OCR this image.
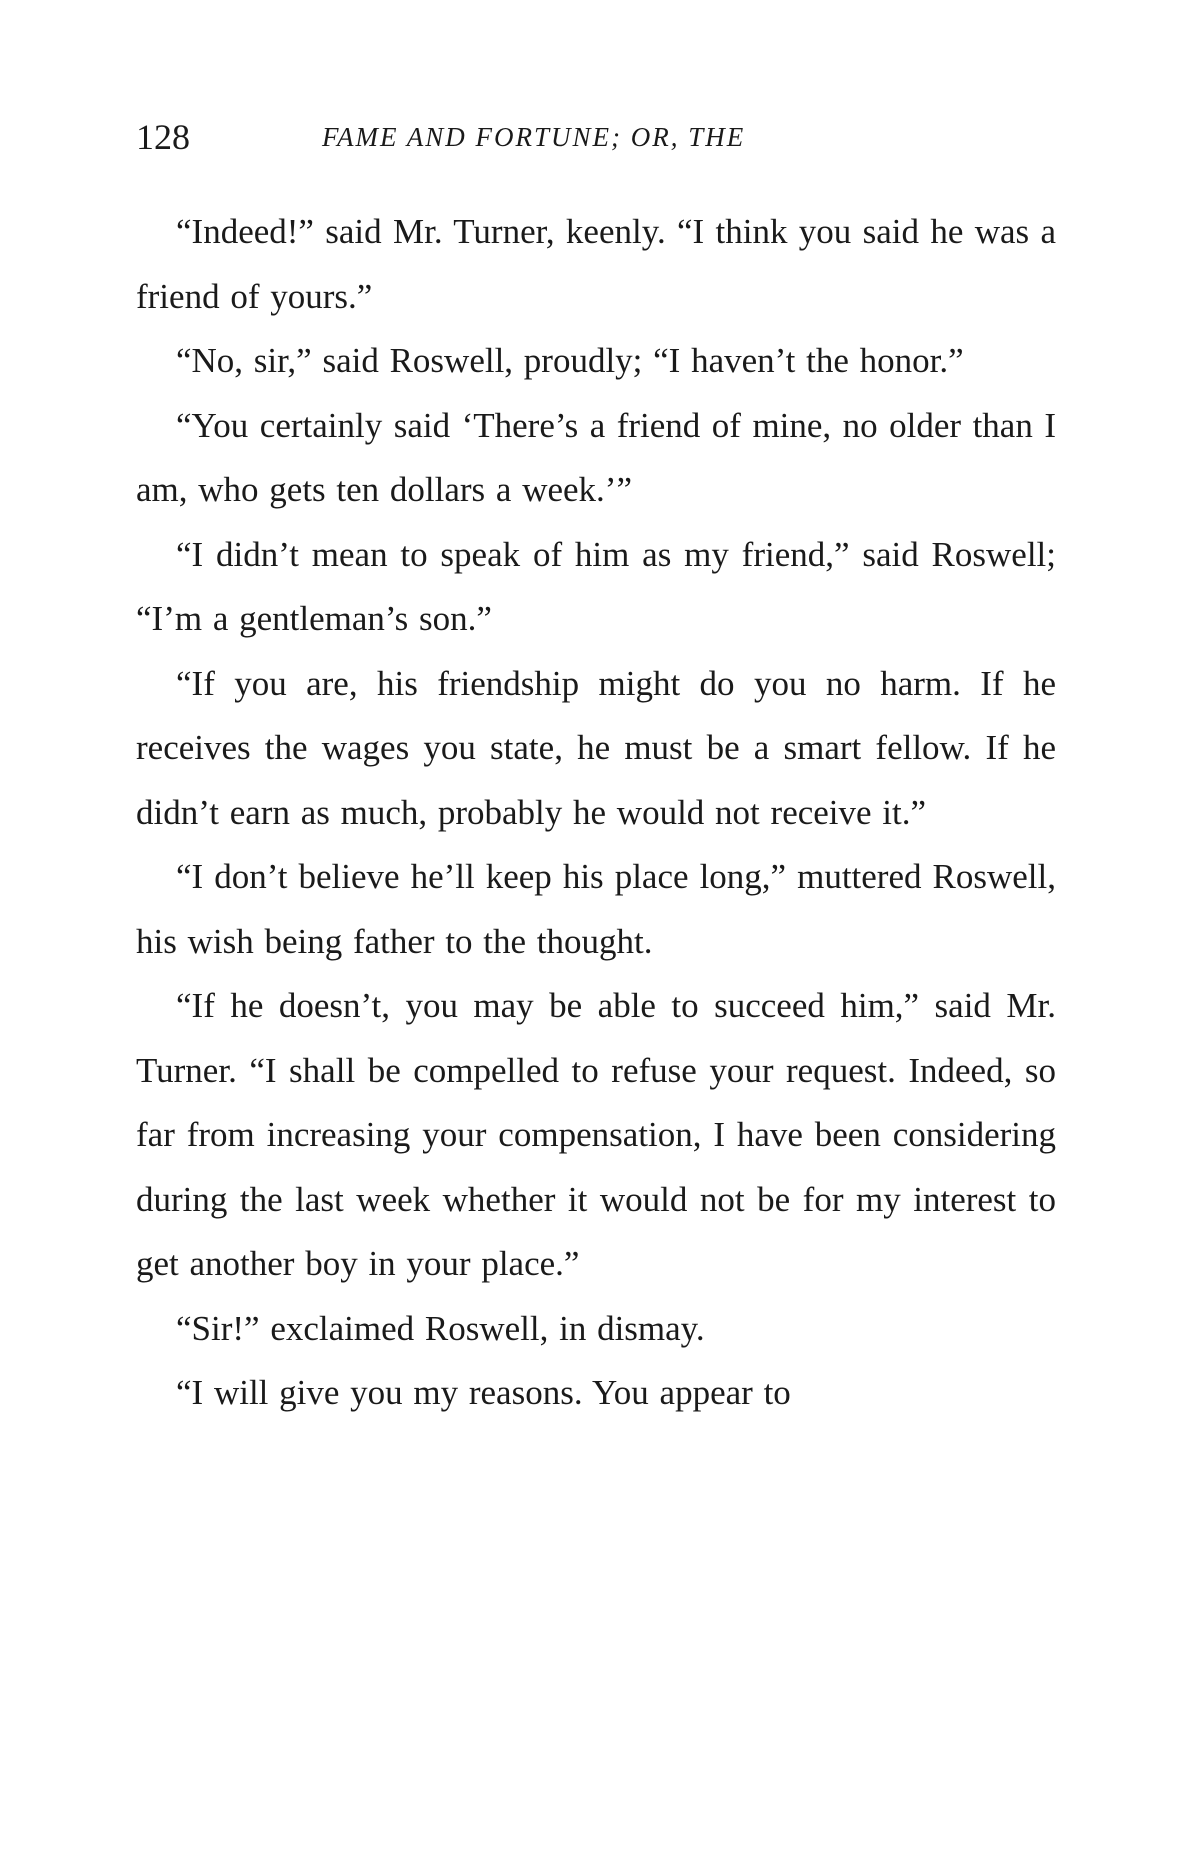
128	FAME AND FORTUNE; OR, THE

“Indeed!” said Mr. Turner, keenly. “I think you said he was a friend of yours.”

“No, sir,” said Roswell, proudly; “I haven’t the honor.”

“You certainly said ‘There’s a friend of mine, no older than I am, who gets ten dollars a week.’”

“I didn’t mean to speak of him as my friend,” said Roswell; “I’m a gentleman’s son.”

“If you are, his friendship might do you no harm. If he receives the wages you state, he must be a smart fellow. If he didn’t earn as much, probably he would not receive it.”

“I don’t believe he’ll keep his place long,” muttered Roswell, his wish being father to the thought.

“If he doesn’t, you may be able to succeed him,” said Mr. Turner. “I shall be compelled to refuse your request. Indeed, so far from increasing your compensation, I have been considering during the last week whether it would not be for my interest to get another boy in your place.”

“Sir!” exclaimed Roswell, in dismay.

“I will give you my reasons. You appear to
